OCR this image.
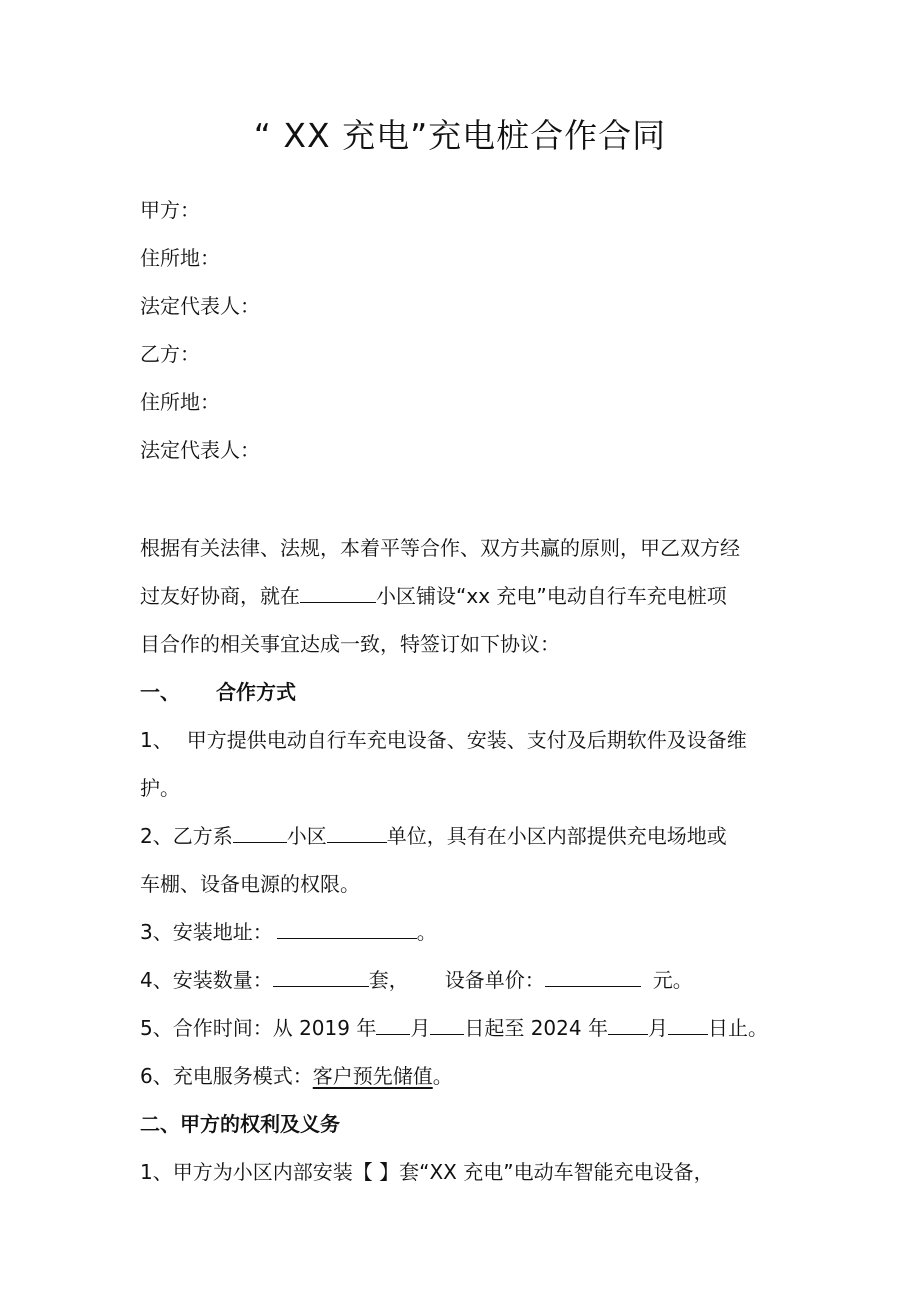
“ XX 充电”充电桩合作合同
甲方：
住所地：
法定代表人：
乙方：
住所地：
法定代表人：
根据有关法律、法规，本着平等合作、双方共赢的原则，甲乙双方经
过友好协商，就在	小区铺设“xx 充电”电动自行车充电桩项
目合作的相关事宜达成一致，特签订如下协议：
一、 合作方式
1、 甲方提供电动自行车充电设备、安装、支付及后期软件及设备维
护。
2、乙方系	小区	单位，具有在小区内部提供充电场地或
车棚、设备电源的权限。
3、安装地址：	。
4、安装数量：	套， 设备单价：	元。
5、合作时间：从 2019 年 月 日起至 2024 年 月 日止。
6、充电服务模式：客户预先储值。
二、甲方的权利及义务
1、甲方为小区内部安装【 】套“XX 充电”电动车智能充电设备，
